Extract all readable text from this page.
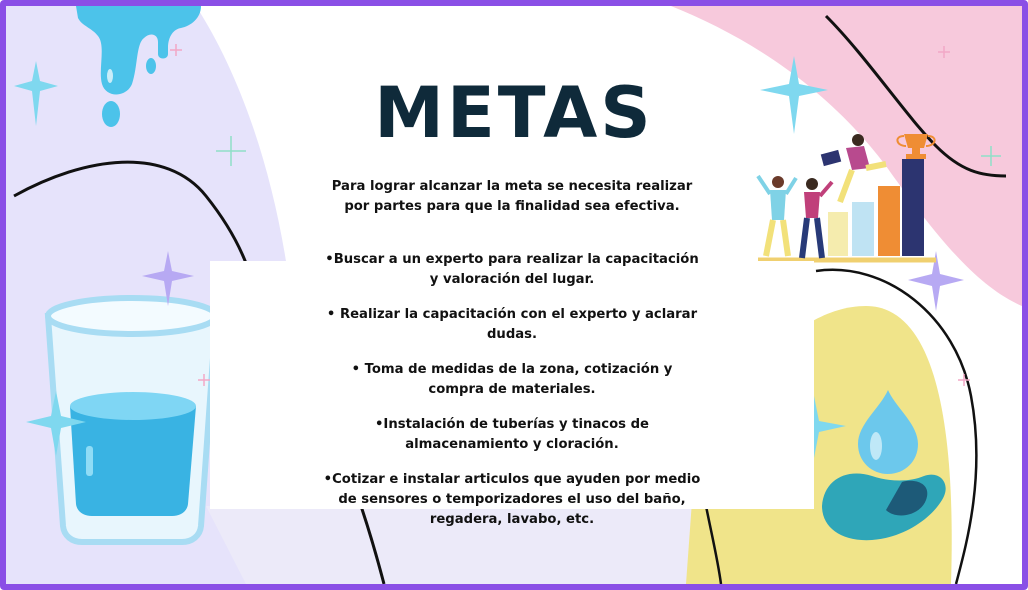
METAS
Para lograr alcanzar la meta se necesita realizar
por partes para que la finalidad sea efectiva.
•Buscar a un experto para realizar la capacitación
y valoración del lugar.
• Realizar la capacitación con el experto y aclarar
dudas.
• Toma de medidas de la zona, cotización y
compra de materiales.
•Instalación de tuberías y tinacos de
almacenamiento y cloración.
•Cotizar e instalar articulos que ayuden por medio
de sensores o temporizadores el uso del baño,
regadera, lavabo, etc.
